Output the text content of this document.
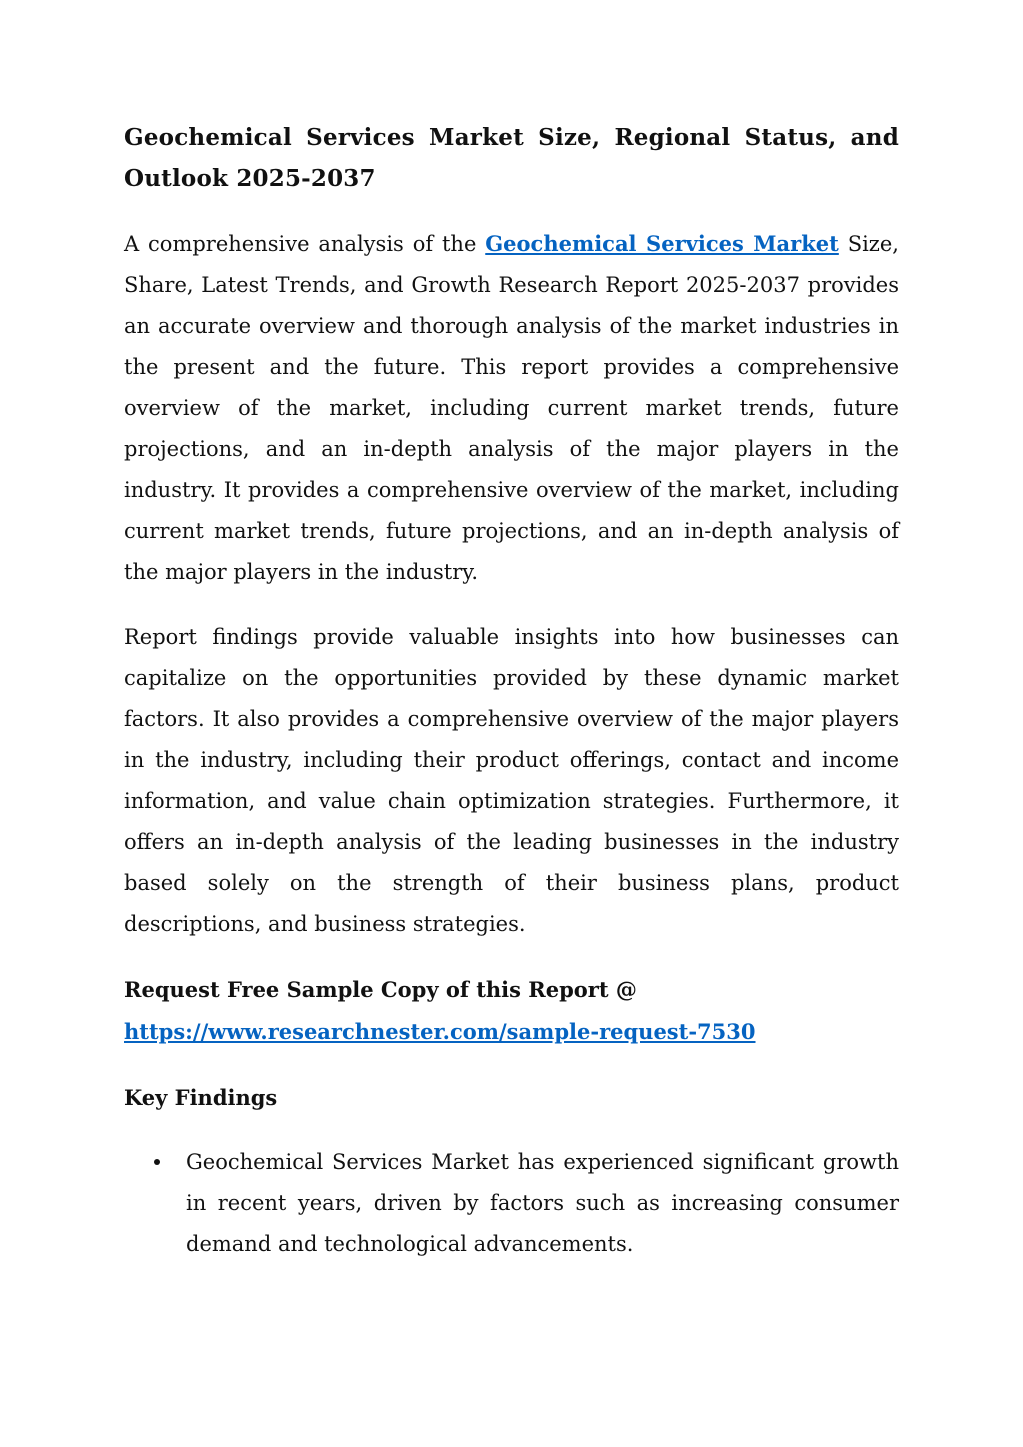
Geochemical Services Market Size, Regional Status, and Outlook 2025-2037

A comprehensive analysis of the Geochemical Services Market Size, Share, Latest Trends, and Growth Research Report 2025-2037 provides an accurate overview and thorough analysis of the market industries in the present and the future. This report provides a comprehensive overview of the market, including current market trends, future projections, and an in-depth analysis of the major players in the industry. It provides a comprehensive overview of the market, including current market trends, future projections, and an in-depth analysis of the major players in the industry.

Report findings provide valuable insights into how businesses can capitalize on the opportunities provided by these dynamic market factors. It also provides a comprehensive overview of the major players in the industry, including their product offerings, contact and income information, and value chain optimization strategies. Furthermore, it offers an in-depth analysis of the leading businesses in the industry based solely on the strength of their business plans, product descriptions, and business strategies.

Request Free Sample Copy of this Report @
https://www.researchnester.com/sample-request-7530

Key Findings
Geochemical Services Market has experienced significant growth in recent years, driven by factors such as increasing consumer demand and technological advancements.
